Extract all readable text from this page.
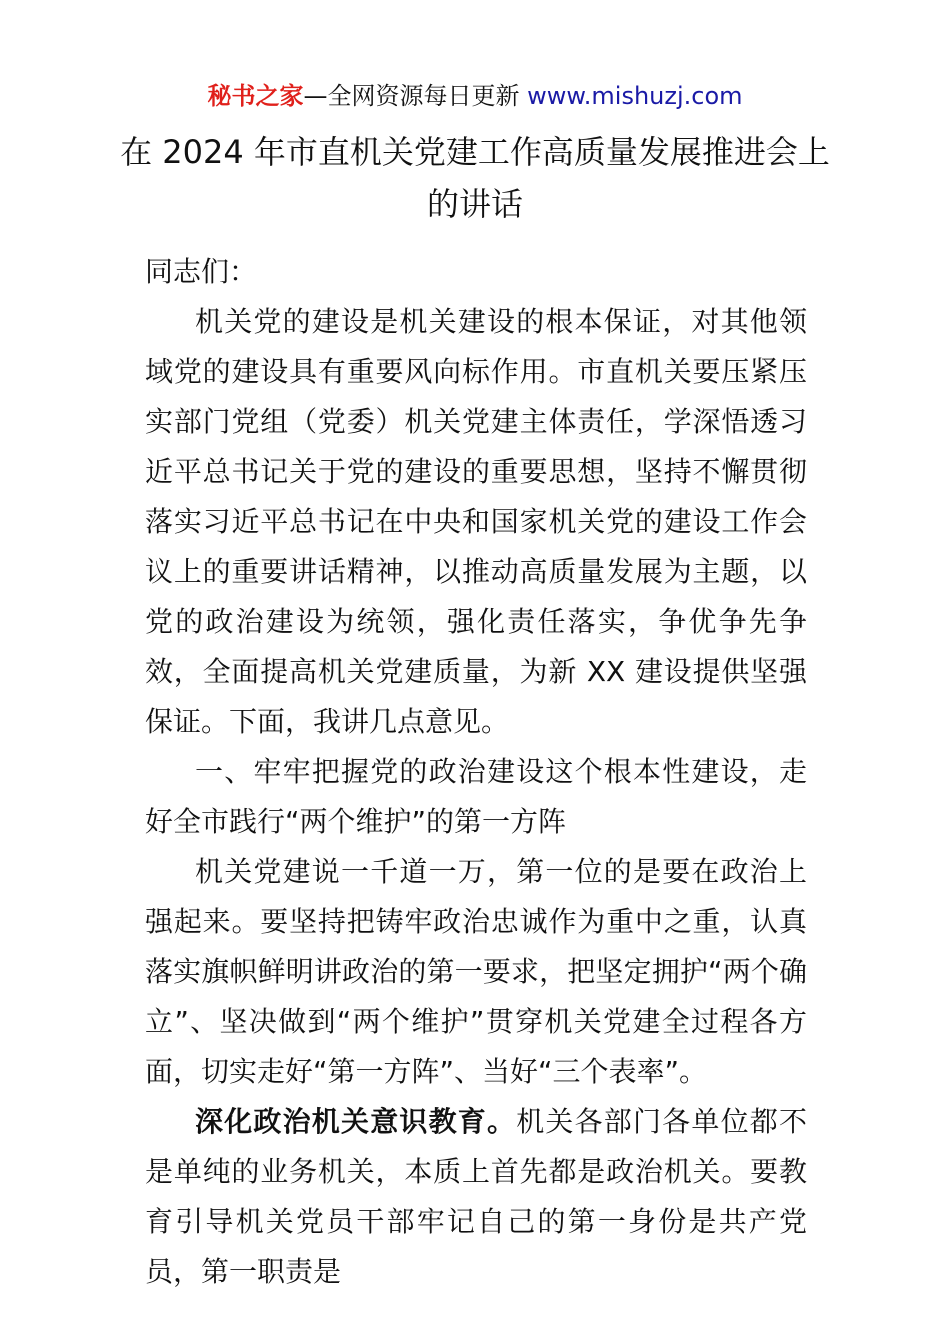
秘书之家—全网资源每日更新 www.mishuzj.com
在 2024 年市直机关党建工作高质量发展推进会上的讲话

同志们：

机关党的建设是机关建设的根本保证，对其他领域党的建设具有重要风向标作用。市直机关要压紧压实部门党组（党委）机关党建主体责任，学深悟透习近平总书记关于党的建设的重要思想，坚持不懈贯彻落实习近平总书记在中央和国家机关党的建设工作会议上的重要讲话精神，以推动高质量发展为主题，以党的政治建设为统领，强化责任落实，争优争先争效，全面提高机关党建质量，为新 XX 建设提供坚强保证。下面，我讲几点意见。

一、牢牢把握党的政治建设这个根本性建设，走好全市践行“两个维护”的第一方阵

机关党建说一千道一万，第一位的是要在政治上强起来。要坚持把铸牢政治忠诚作为重中之重，认真落实旗帜鲜明讲政治的第一要求，把坚定拥护“两个确立”、坚决做到“两个维护”贯穿机关党建全过程各方面，切实走好“第一方阵”、当好“三个表率”。

深化政治机关意识教育。机关各部门各单位都不是单纯的业务机关，本质上首先都是政治机关。要教育引导机关党员干部牢记自己的第一身份是共产党员，第一职责是
